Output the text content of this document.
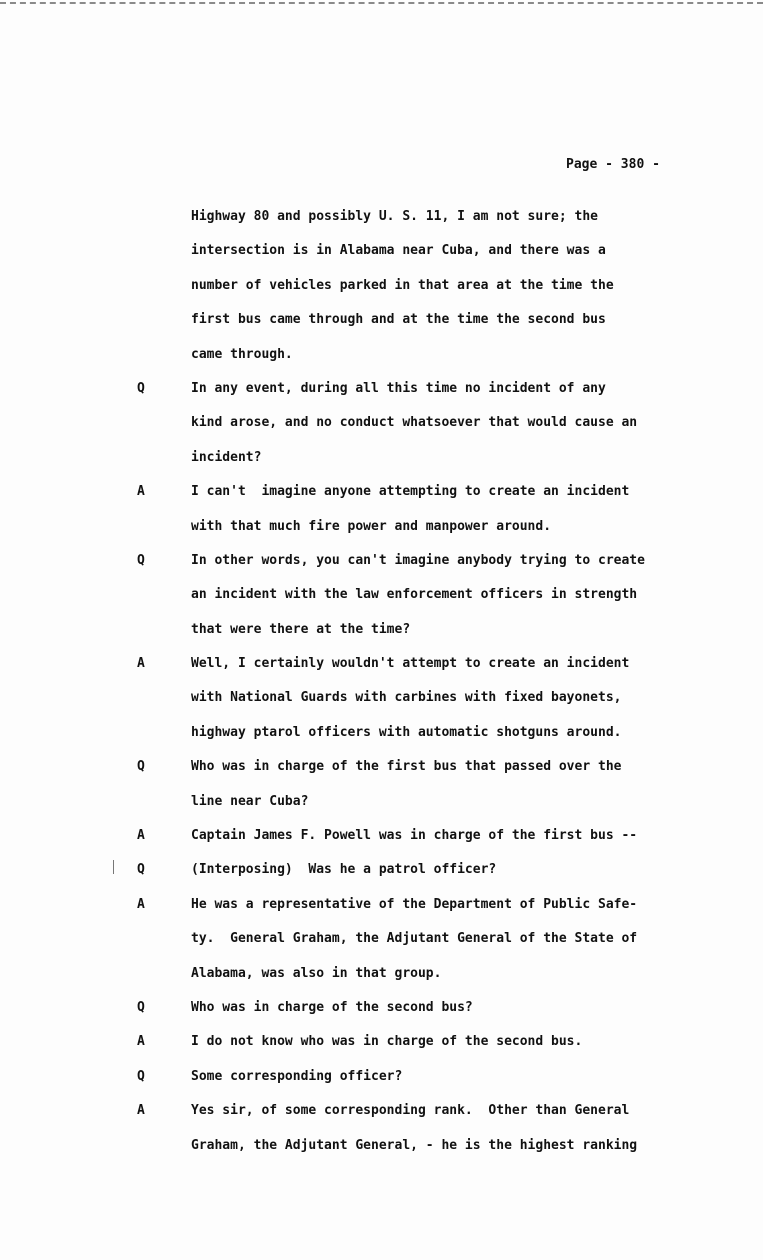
Page - 380 -
Highway 80 and possibly U. S. 11, I am not sure; the
intersection is in Alabama near Cuba, and there was a
number of vehicles parked in that area at the time the
first bus came through and at the time the second bus
came through.
Q	In any event, during all this time no incident of any
kind arose, and no conduct whatsoever that would cause an
incident?
A	I can't  imagine anyone attempting to create an incident
with that much fire power and manpower around.
Q	In other words, you can't imagine anybody trying to create
an incident with the law enforcement officers in strength
that were there at the time?
A	Well, I certainly wouldn't attempt to create an incident
with National Guards with carbines with fixed bayonets,
highway ptarol officers with automatic shotguns around.
Q	Who was in charge of the first bus that passed over the
line near Cuba?
A	Captain James F. Powell was in charge of the first bus --
Q	(Interposing)  Was he a patrol officer?
A	He was a representative of the Department of Public Safe-
ty.  General Graham, the Adjutant General of the State of
Alabama, was also in that group.
Q	Who was in charge of the second bus?
A	I do not know who was in charge of the second bus.
Q	Some corresponding officer?
A	Yes sir, of some corresponding rank.  Other than General
Graham, the Adjutant General, - he is the highest ranking
